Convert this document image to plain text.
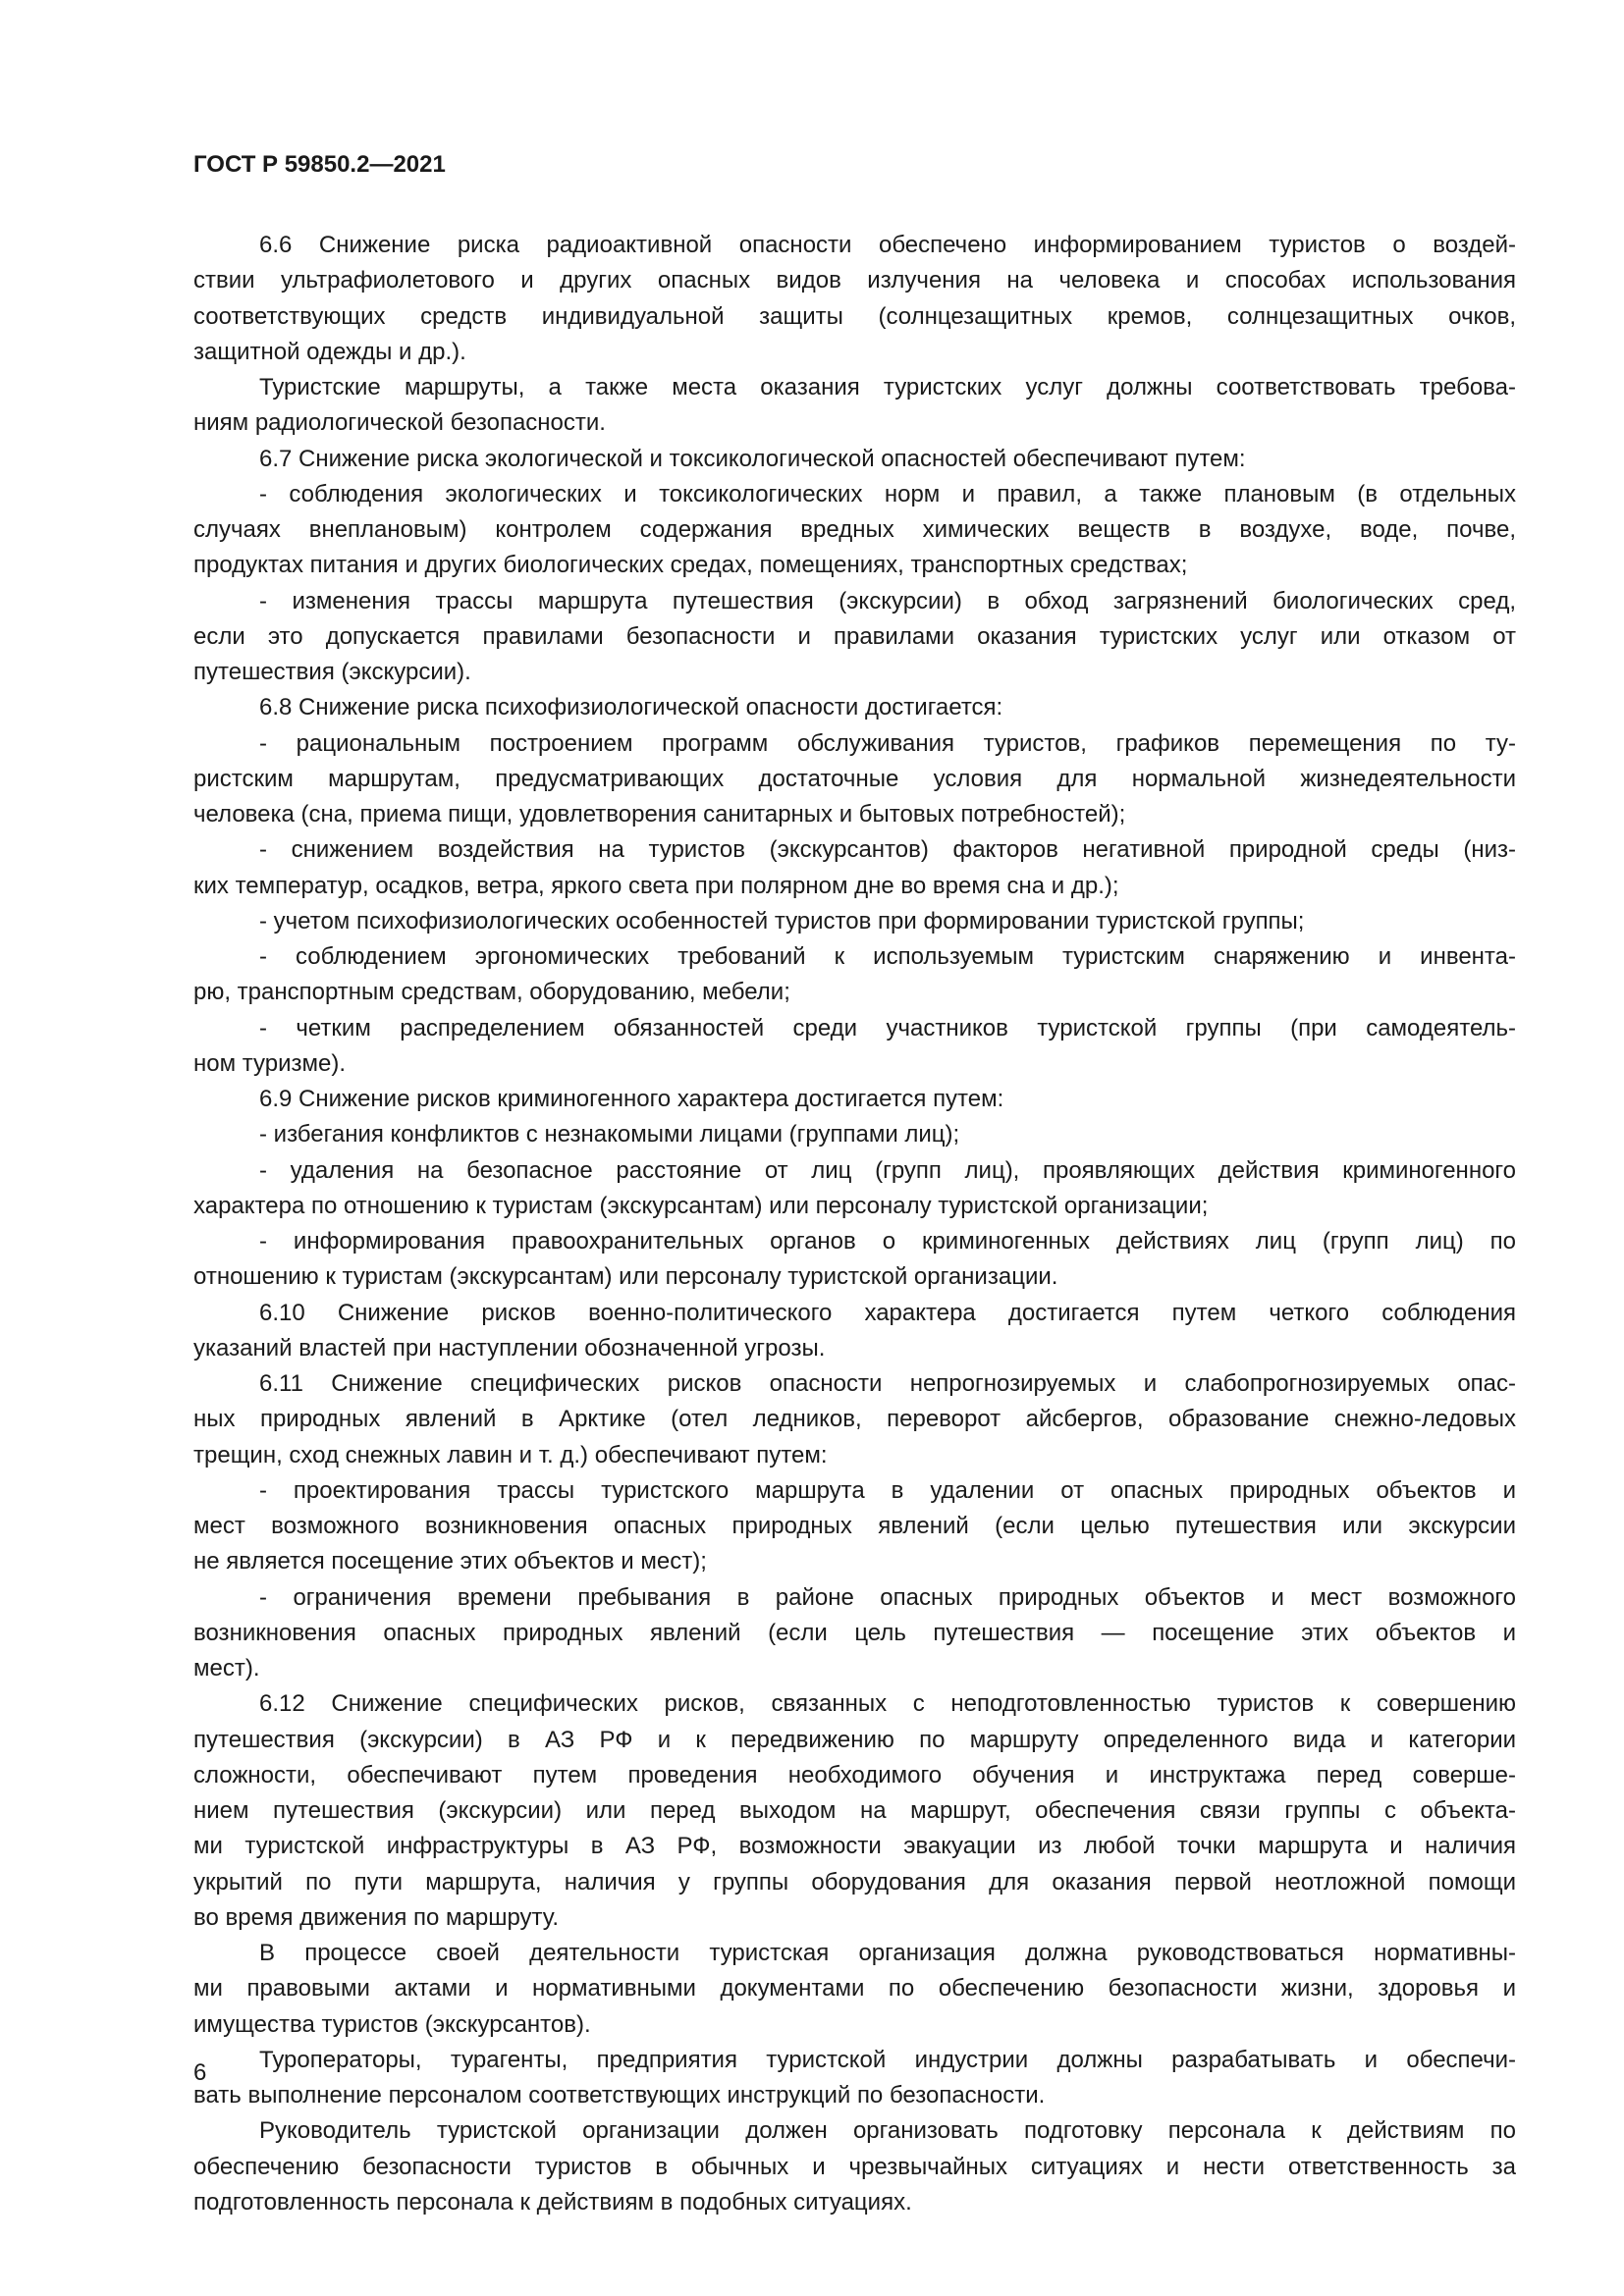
ГОСТ Р 59850.2—2021
6.6 Снижение риска радиоактивной опасности обеспечено информированием туристов о воздей-
ствии ультрафиолетового и других опасных видов излучения на человека и способах использования
соответствующих средств индивидуальной защиты (солнцезащитных кремов, солнцезащитных очков,
защитной одежды и др.).
Туристские маршруты, а также места оказания туристских услуг должны соответствовать требова-
ниям радиологической безопасности.
6.7 Снижение риска экологической и токсикологической опасностей обеспечивают путем:
- соблюдения экологических и токсикологических норм и правил, а также плановым (в отдельных
случаях внеплановым) контролем содержания вредных химических веществ в воздухе, воде, почве,
продуктах питания и других биологических средах, помещениях, транспортных средствах;
- изменения трассы маршрута путешествия (экскурсии) в обход загрязнений биологических сред,
если это допускается правилами безопасности и правилами оказания туристских услуг или отказом от
путешествия (экскурсии).
6.8 Снижение риска психофизиологической опасности достигается:
- рациональным построением программ обслуживания туристов, графиков перемещения по ту-
ристским маршрутам, предусматривающих достаточные условия для нормальной жизнедеятельности
человека (сна, приема пищи, удовлетворения санитарных и бытовых потребностей);
- снижением воздействия на туристов (экскурсантов) факторов негативной природной среды (низ-
ких температур, осадков, ветра, яркого света при полярном дне во время сна и др.);
- учетом психофизиологических особенностей туристов при формировании туристской группы;
- соблюдением эргономических требований к используемым туристским снаряжению и инвента-
рю, транспортным средствам, оборудованию, мебели;
- четким распределением обязанностей среди участников туристской группы (при самодеятель-
ном туризме).
6.9 Снижение рисков криминогенного характера достигается путем:
- избегания конфликтов с незнакомыми лицами (группами лиц);
- удаления на безопасное расстояние от лиц (групп лиц), проявляющих действия криминогенного
характера по отношению к туристам (экскурсантам) или персоналу туристской организации;
- информирования правоохранительных органов о криминогенных действиях лиц (групп лиц) по
отношению к туристам (экскурсантам) или персоналу туристской организации.
6.10 Снижение рисков военно-политического характера достигается путем четкого соблюдения
указаний властей при наступлении обозначенной угрозы.
6.11 Снижение специфических рисков опасности непрогнозируемых и слабопрогнозируемых опас-
ных природных явлений в Арктике (отел ледников, переворот айсбергов, образование снежно-ледовых
трещин, сход снежных лавин и т. д.) обеспечивают путем:
- проектирования трассы туристского маршрута в удалении от опасных природных объектов и
мест возможного возникновения опасных природных явлений (если целью путешествия или экскурсии
не является посещение этих объектов и мест);
- ограничения времени пребывания в районе опасных природных объектов и мест возможного
возникновения опасных природных явлений (если цель путешествия — посещение этих объектов и
мест).
6.12 Снижение специфических рисков, связанных с неподготовленностью туристов к совершению
путешествия (экскурсии) в АЗ РФ и к передвижению по маршруту определенного вида и категории
сложности, обеспечивают путем проведения необходимого обучения и инструктажа перед соверше-
нием путешествия (экскурсии) или перед выходом на маршрут, обеспечения связи группы с объекта-
ми туристской инфраструктуры в АЗ РФ, возможности эвакуации из любой точки маршрута и наличия
укрытий по пути маршрута, наличия у группы оборудования для оказания первой неотложной помощи
во время движения по маршруту.
В процессе своей деятельности туристская организация должна руководствоваться нормативны-
ми правовыми актами и нормативными документами по обеспечению безопасности жизни, здоровья и
имущества туристов (экскурсантов).
Туроператоры, турагенты, предприятия туристской индустрии должны разрабатывать и обеспечи-
вать выполнение персоналом соответствующих инструкций по безопасности.
Руководитель туристской организации должен организовать подготовку персонала к действиям по
обеспечению безопасности туристов в обычных и чрезвычайных ситуациях и нести ответственность за
подготовленность персонала к действиям в подобных ситуациях.
6
